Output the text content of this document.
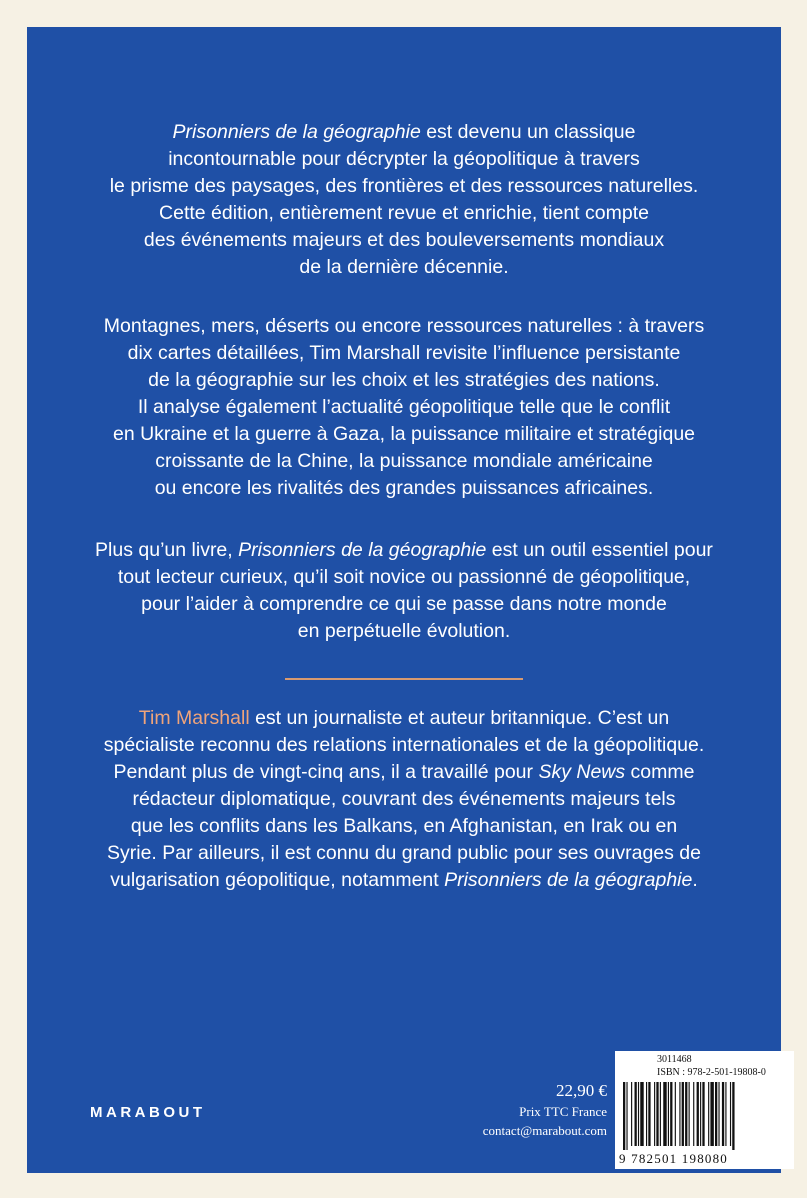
Prisonniers de la géographie est devenu un classique
incontournable pour décrypter la géopolitique à travers
le prisme des paysages, des frontières et des ressources naturelles.
Cette édition, entièrement revue et enrichie, tient compte
des événements majeurs et des bouleversements mondiaux
de la dernière décennie.

Montagnes, mers, déserts ou encore ressources naturelles : à travers
dix cartes détaillées, Tim Marshall revisite l’influence persistante
de la géographie sur les choix et les stratégies des nations.
Il analyse également l’actualité géopolitique telle que le conflit
en Ukraine et la guerre à Gaza, la puissance militaire et stratégique
croissante de la Chine, la puissance mondiale américaine
ou encore les rivalités des grandes puissances africaines.

Plus qu’un livre, Prisonniers de la géographie est un outil essentiel pour
tout lecteur curieux, qu’il soit novice ou passionné de géopolitique,
pour l’aider à comprendre ce qui se passe dans notre monde
en perpétuelle évolution.

Tim Marshall est un journaliste et auteur britannique. C’est un
spécialiste reconnu des relations internationales et de la géopolitique.
Pendant plus de vingt-cinq ans, il a travaillé pour Sky News comme
rédacteur diplomatique, couvrant des événements majeurs tels
que les conflits dans les Balkans, en Afghanistan, en Irak ou en
Syrie. Par ailleurs, il est connu du grand public pour ses ouvrages de
vulgarisation géopolitique, notamment Prisonniers de la géographie.

MARABOUT
22,90 €
Prix TTC France
contact@marabout.com
3011468
ISBN : 978-2-501-19808-0
9 782501 198080
